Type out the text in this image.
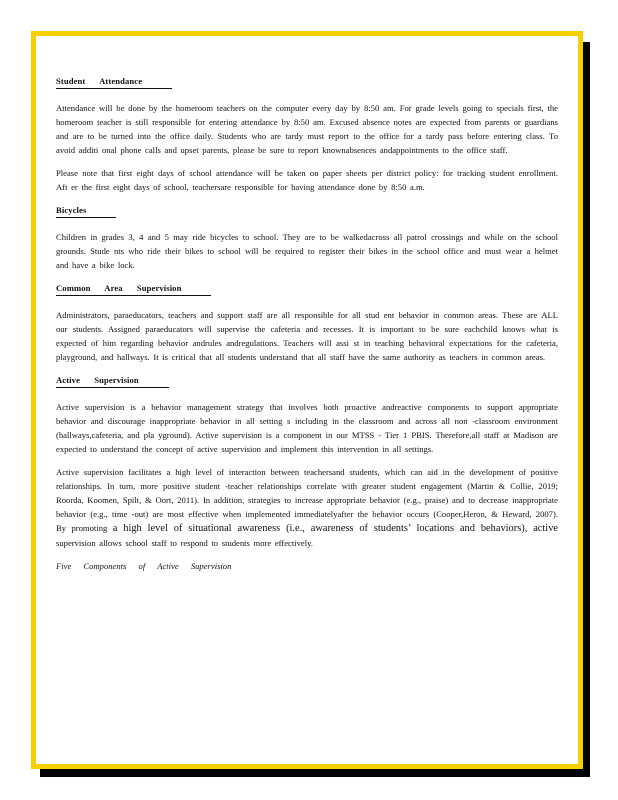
Student Attendance

Attendance will be done by the homeroom teachers on the computer every day by 8:50 am. For grade levels going to specials first, the homeroom teacher is still responsible for entering attendance by 8:50 am. Excused absence notes are expected from parents or guardians and are to be turned into the office daily. Students who are tardy must report to the office for a tardy pass before entering class. To avoid additi onal phone calls and upset parents, please be sure to report knownabsences andappointments to the office staff.

Please note that first eight days of school attendance will be taken on paper sheets per district policy: for tracking student enrollment. Aft er the first eight days of school, teachersare responsible for having attendance done by 8:50 a.m.

Bicycles

Children in grades 3, 4 and 5 may ride bicycles to school. They are to be walkedacross all patrol crossings and while on the school grounds. Stude nts who ride their bikes to school will be required to register their bikes in the school office and must wear a helmet and have a bike lock.

Common Area Supervision

Administrators, paraeducators, teachers and support staff are all responsible for all stud ent behavior in common areas. These are ALL our students. Assigned paraeducators will supervise the cafeteria and recesses. It is important to be sure eachchild knows what is expected of him regarding behavior andrules andregulations. Teachers will assi st in teaching behavioral expectations for the cafeteria, playground, and hallways. It is critical that all students understand that all staff have the same authority as teachers in common areas.

Active Supervision

Active supervision is a behavior management strategy that involves both proactive andreactive components to support appropriate behavior and discourage inappropriate behavior in all setting s including in the classroom and across all non -classroom environment (hallways,cafeteria, and pla yground). Active supervision is a component in our MTSS - Tier 1 PBIS. Therefore,all staff at Madison are expected to understand the concept of active supervision and implement this intervention in all settings.

Active supervision facilitates a high level of interaction between teachersand students, which can aid in the development of positive relationships. In turn, more positive student -teacher relationships correlate with greater student engagement (Martin & Collie, 2019; Roorda, Koomen, Spilt, & Oort, 2011). In addition, strategies to increase appropriate behavior (e.g., praise) and to decrease inappropriate behavior (e.g., time -out) are most effective when implemented immediatelyafter the behavior occurs (Cooper,Heron, & Heward, 2007). By promoting a high level of situational awareness (i.e., awareness of students’ locations and behaviors), active supervision allows school staff to respond to students more effectively.

Five Components of Active Supervision
